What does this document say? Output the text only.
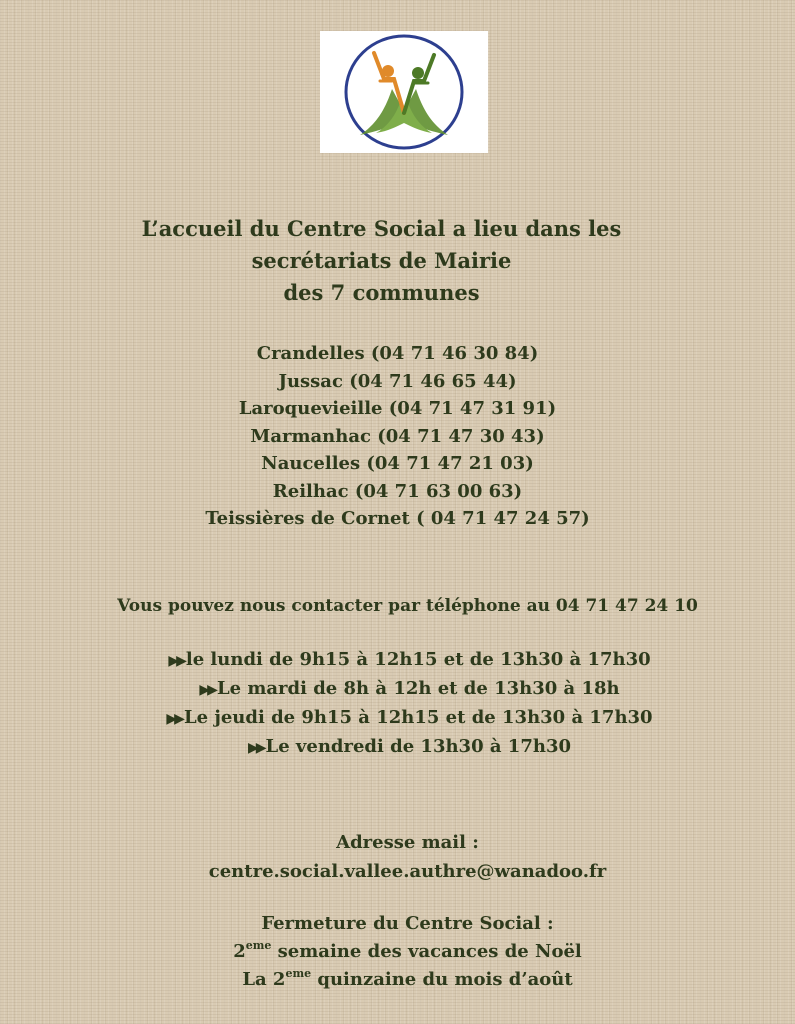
L’accueil du Centre Social a lieu dans les
secrétariats de Mairie
des 7 communes
Crandelles (04 71 46 30 84)
Jussac (04 71 46 65 44)
Laroquevieille (04 71 47 31 91)
Marmanhac (04 71 47 30 43)
Naucelles (04 71 47 21 03)
Reilhac (04 71 63 00 63)
Teissières de Cornet ( 04 71 47 24 57)
Vous pouvez nous contacter par téléphone au 04 71 47 24 10
▶▶ le lundi de 9h15 à 12h15 et de 13h30 à 17h30
▶▶ Le mardi de 8h à 12h et de 13h30 à 18h
▶▶ Le jeudi de 9h15 à 12h15 et de 13h30 à 17h30
▶▶ Le vendredi de 13h30 à 17h30
Adresse mail :
centre.social.vallee.authre@wanadoo.fr
Fermeture du Centre Social :
2eme semaine des vacances de Noël
La 2eme quinzaine du mois d’août
